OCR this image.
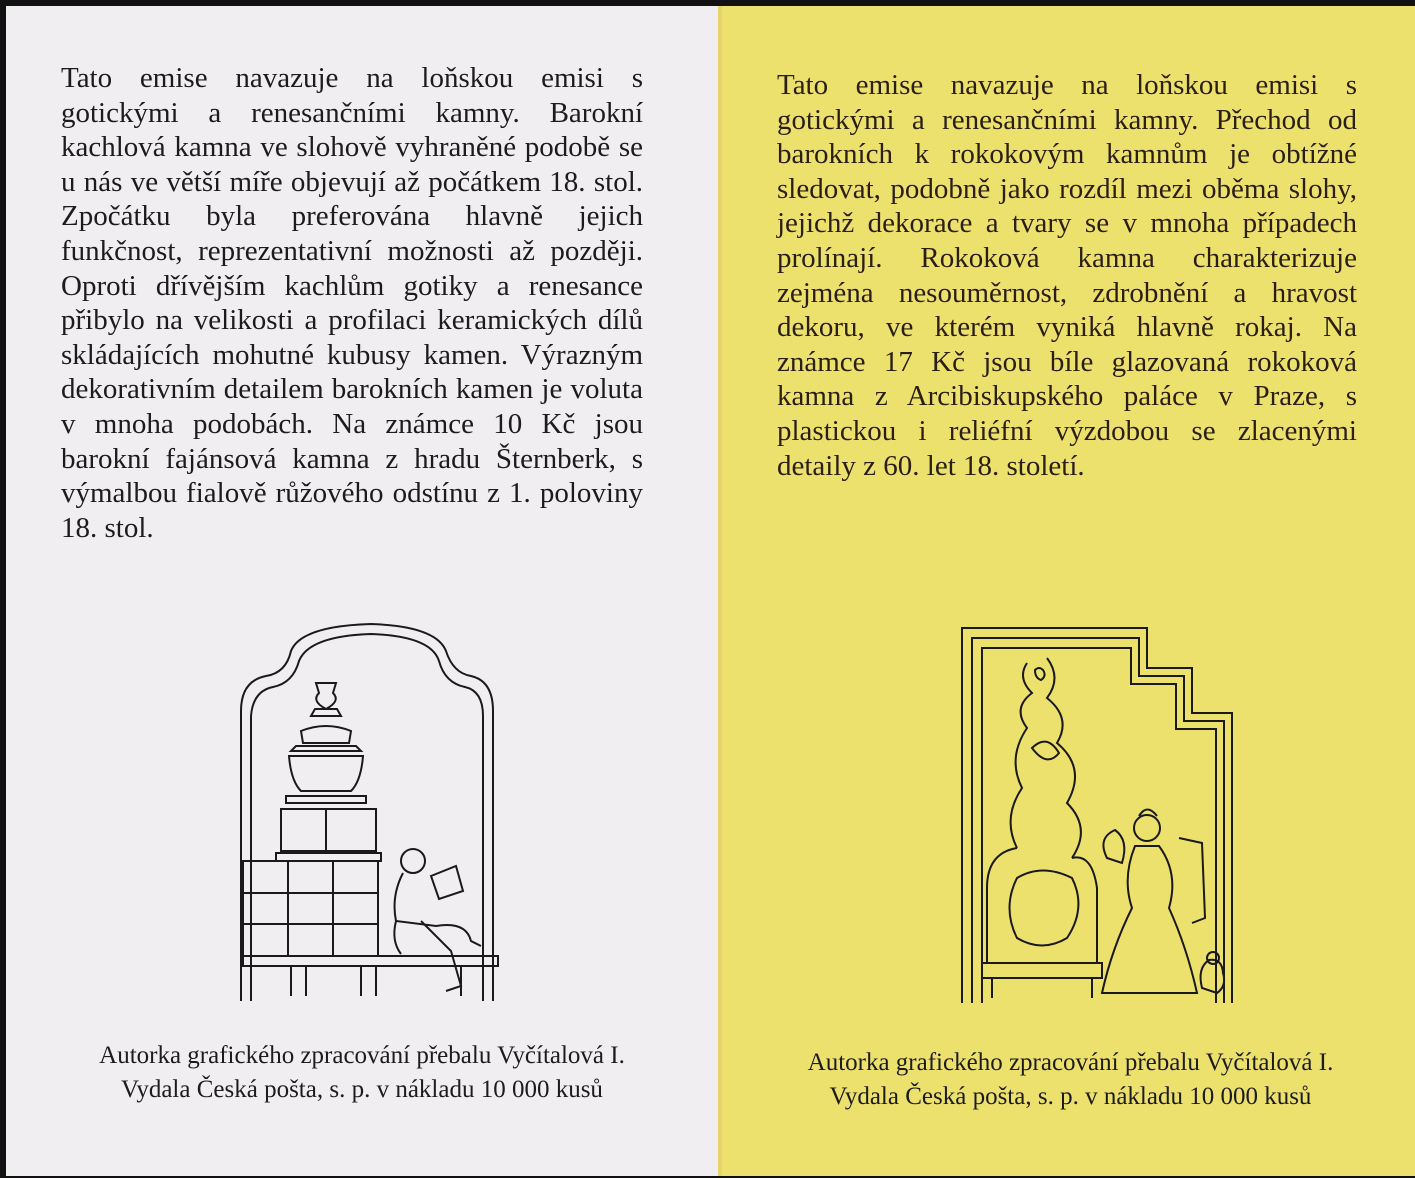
Tato emise navazuje na loňskou emisi s gotickými a renesančními kamny. Barokní kachlová kamna ve slohově vyhraněné podobě se u nás ve větší míře objevují až počátkem 18. stol. Zpočátku byla preferována hlavně jejich funkčnost, reprezentativní možnosti až později. Oproti dřívějším kachlům gotiky a renesance přibylo na velikosti a profilaci keramických dílů skládajících mohutné kubusy kamen. Výrazným dekorativním detailem barokních kamen je voluta v mnoha podobách. Na známce 10 Kč jsou barokní fajánsová kamna z hradu Šternberk, s výmalbou fialově růžového odstínu z 1. poloviny 18. stol.

Autorka grafického zpracování přebalu Vyčítalová I.
Vydala Česká pošta, s. p. v nákladu 10 000 kusů

Tato emise navazuje na loňskou emisi s gotickými a renesančními kamny. Přechod od barokních k rokokovým kamnům je obtížné sledovat, podobně jako rozdíl mezi oběma slohy, jejichž dekorace a tvary se v mnoha případech prolínají. Rokoková kamna charakterizuje zejména nesouměrnost, zdrobnění a hravost dekoru, ve kterém vyniká hlavně rokaj. Na známce 17 Kč jsou bíle glazovaná rokoková kamna z Arcibiskupského paláce v Praze, s plastickou i reliéfní výzdobou se zlacenými detaily z 60. let 18. století.

Autorka grafického zpracování přebalu Vyčítalová I.
Vydala Česká pošta, s. p. v nákladu 10 000 kusů
